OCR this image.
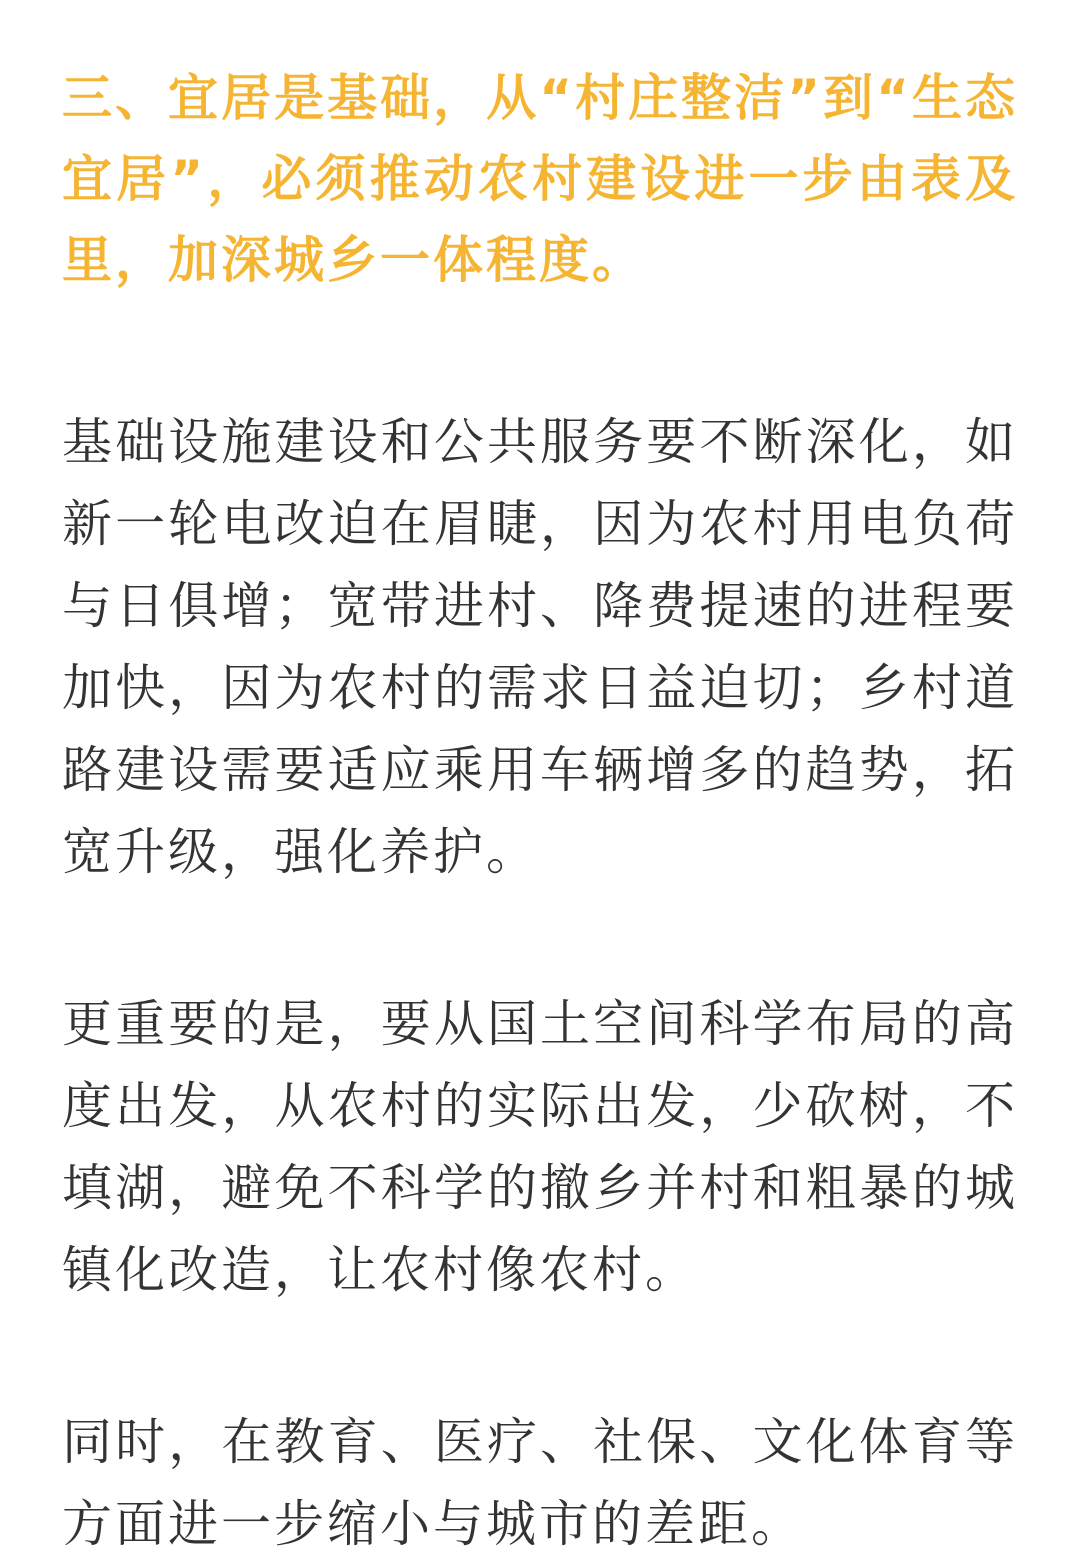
三、宜居是基础，从“村庄整洁”到“生态宜居”，必须推动农村建设进一步由表及里，加深城乡一体程度。

基础设施建设和公共服务要不断深化，如新一轮电改迫在眉睫，因为农村用电负荷与日俱增；宽带进村、降费提速的进程要加快，因为农村的需求日益迫切；乡村道路建设需要适应乘用车辆增多的趋势，拓宽升级，强化养护。

更重要的是，要从国土空间科学布局的高度出发，从农村的实际出发，少砍树，不填湖，避免不科学的撤乡并村和粗暴的城镇化改造，让农村像农村。

同时，在教育、医疗、社保、文化体育等方面进一步缩小与城市的差距。
